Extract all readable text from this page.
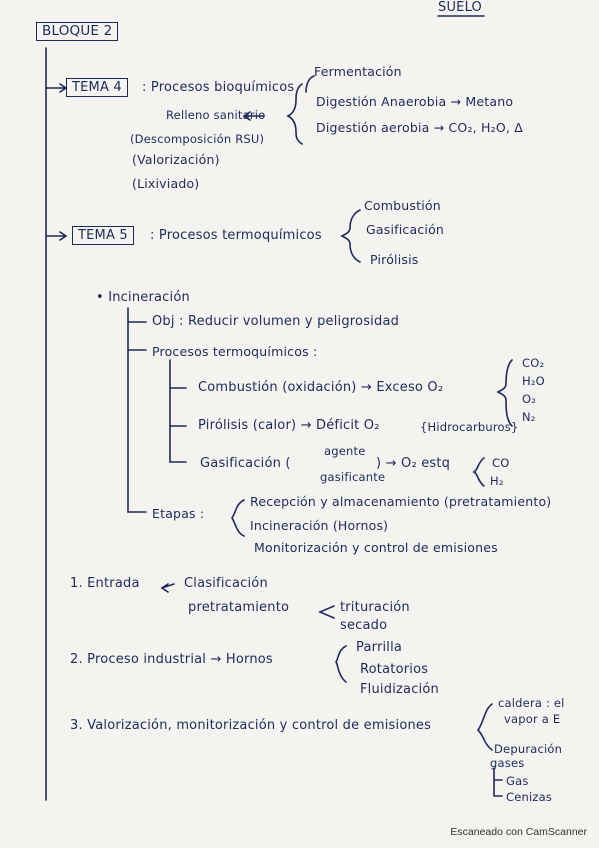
SUELO
BLOQUE 2
TEMA 4	: Procesos bioquímicos
Fermentación
Digestión Anaerobia → Metano
Digestión aerobia → CO₂, H₂O, Δ
Relleno sanitario
(Descomposición RSU)
(Valorización)
(Lixiviado)
TEMA 5	: Procesos termoquímicos
Combustión
Gasificación
Pirólisis
• Incineración
Obj : Reducir volumen y peligrosidad
Procesos termoquímicos :
Combustión (oxidación) → Exceso O₂
CO₂
H₂O
O₂
N₂
Pirólisis (calor) → Déficit O₂	{Hidrocarburos}
Gasificación (
agente
gasificante
) → O₂ estq	CO
H₂
Etapas :
Recepción y almacenamiento (pretratamiento)
Incineración (Hornos)
Monitorización y control de emisiones
1. Entrada	Clasificación
pretratamiento	trituración
secado
2. Proceso industrial → Hornos
Parrilla
Rotatorios
Fluidización
3. Valorización, monitorización y control de emisiones
caldera : el
vapor a E
Depuración
gases
Gas
Cenizas
Escaneado con CamScanner
